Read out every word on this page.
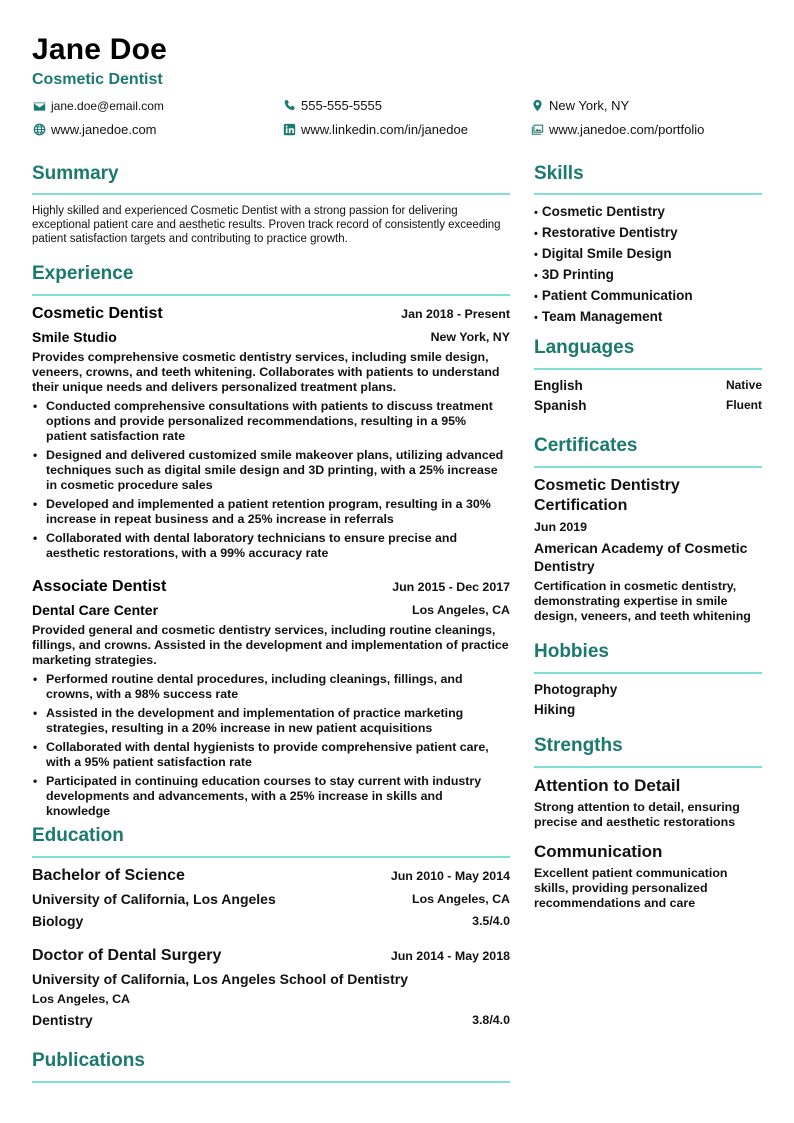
Jane Doe
Cosmetic Dentist
jane.doe@email.com	555-555-5555	New York, NY
www.janedoe.com	www.linkedin.com/in/janedoe	www.janedoe.com/portfolio
Summary
Highly skilled and experienced Cosmetic Dentist with a strong passion for delivering exceptional patient care and aesthetic results. Proven track record of consistently exceeding patient satisfaction targets and contributing to practice growth.
Experience
Cosmetic Dentist	Jan 2018 - Present
Smile Studio	New York, NY
Provides comprehensive cosmetic dentistry services, including smile design, veneers, crowns, and teeth whitening. Collaborates with patients to understand their unique needs and delivers personalized treatment plans.
• Conducted comprehensive consultations with patients to discuss treatment options and provide personalized recommendations, resulting in a 95% patient satisfaction rate
• Designed and delivered customized smile makeover plans, utilizing advanced techniques such as digital smile design and 3D printing, with a 25% increase in cosmetic procedure sales
• Developed and implemented a patient retention program, resulting in a 30% increase in repeat business and a 25% increase in referrals
• Collaborated with dental laboratory technicians to ensure precise and aesthetic restorations, with a 99% accuracy rate
Associate Dentist	Jun 2015 - Dec 2017
Dental Care Center	Los Angeles, CA
Provided general and cosmetic dentistry services, including routine cleanings, fillings, and crowns. Assisted in the development and implementation of practice marketing strategies.
• Performed routine dental procedures, including cleanings, fillings, and crowns, with a 98% success rate
• Assisted in the development and implementation of practice marketing strategies, resulting in a 20% increase in new patient acquisitions
• Collaborated with dental hygienists to provide comprehensive patient care, with a 95% patient satisfaction rate
• Participated in continuing education courses to stay current with industry developments and advancements, with a 25% increase in skills and knowledge
Education
Bachelor of Science	Jun 2010 - May 2014
University of California, Los Angeles	Los Angeles, CA
Biology	3.5/4.0
Doctor of Dental Surgery	Jun 2014 - May 2018
University of California, Los Angeles School of Dentistry
Los Angeles, CA
Dentistry	3.8/4.0
Publications
Skills
• Cosmetic Dentistry
• Restorative Dentistry
• Digital Smile Design
• 3D Printing
• Patient Communication
• Team Management
Languages
English	Native
Spanish	Fluent
Certificates
Cosmetic Dentistry Certification
Jun 2019
American Academy of Cosmetic Dentistry
Certification in cosmetic dentistry, demonstrating expertise in smile design, veneers, and teeth whitening
Hobbies
Photography
Hiking
Strengths
Attention to Detail
Strong attention to detail, ensuring precise and aesthetic restorations
Communication
Excellent patient communication skills, providing personalized recommendations and care
